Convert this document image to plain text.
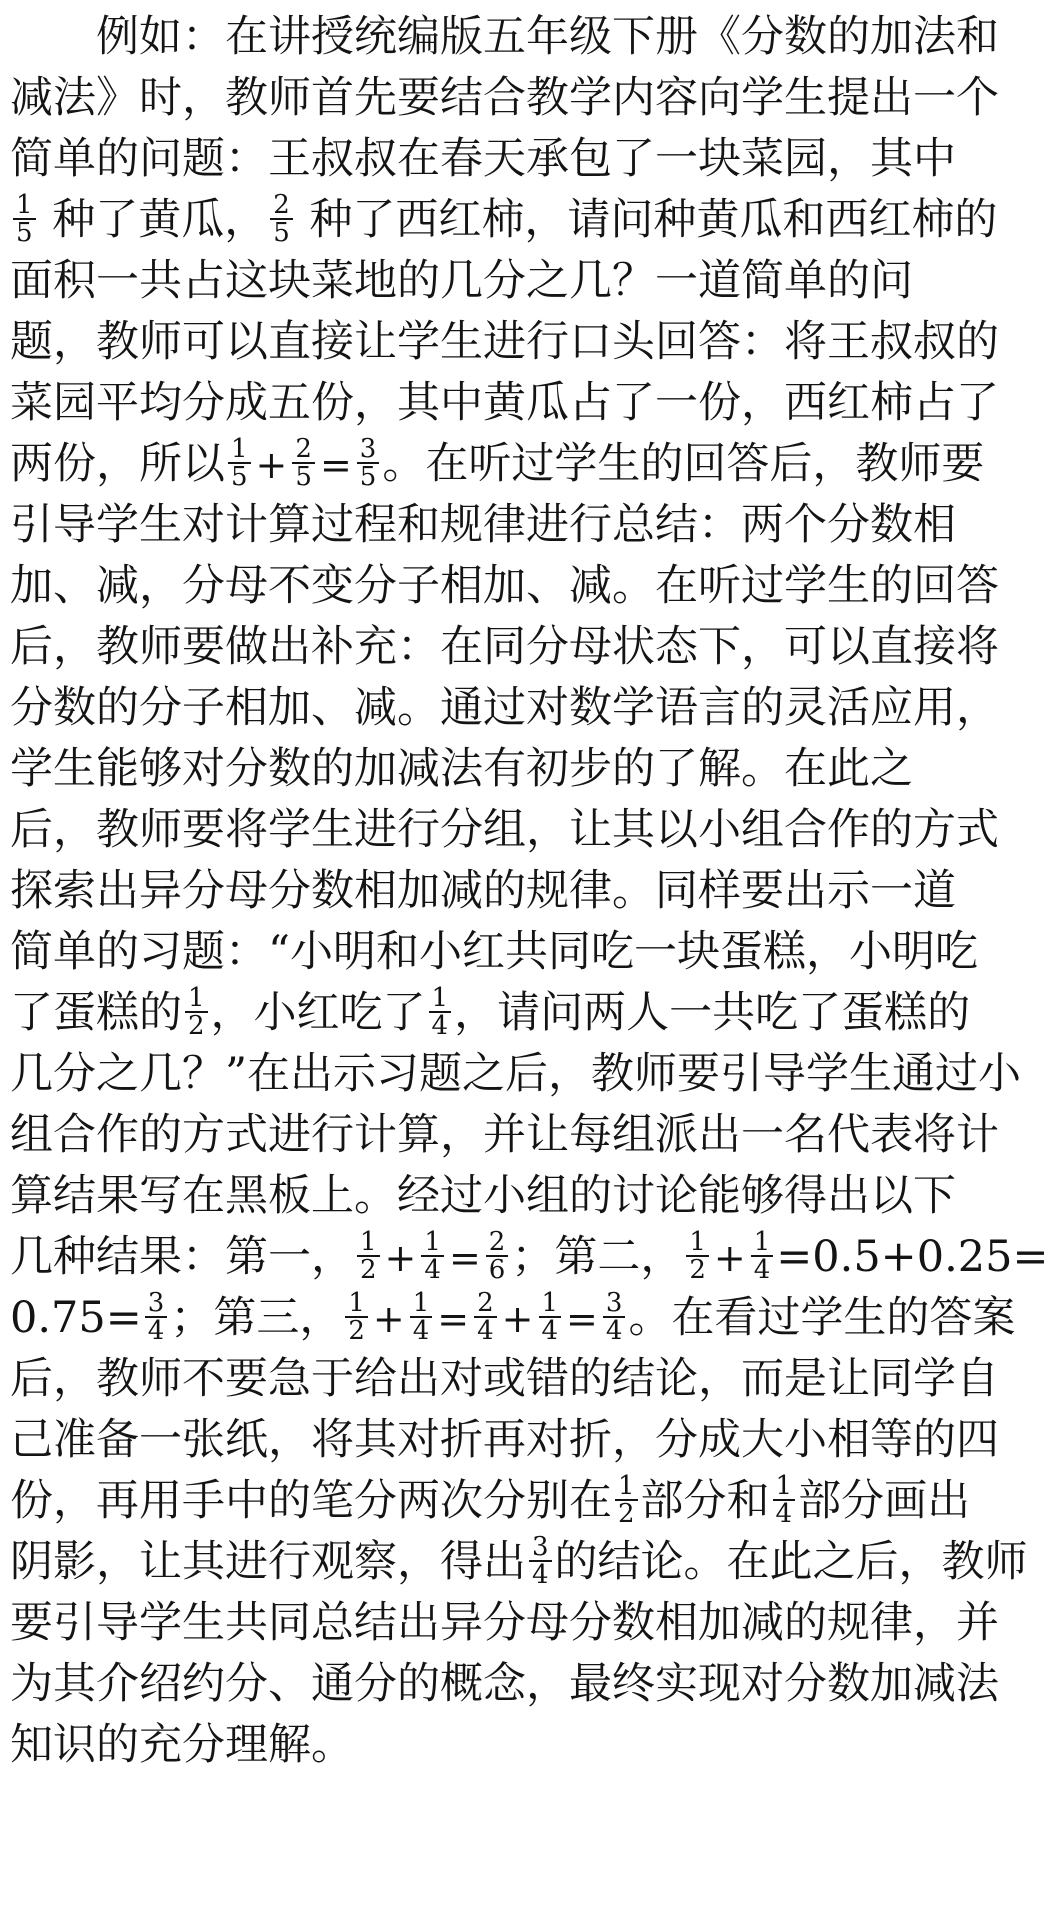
例如：在讲授统编版五年级下册《分数的加法和
减法》时，教师首先要结合教学内容向学生提出一个
简单的问题：王叔叔在春天承包了一块菜园，其中
$\frac{1}{5}$ 种了黄瓜， $\frac{2}{5}$ 种了西红柿，请问种黄瓜和西红柿的
面积一共占这块菜地的几分之几？一道简单的问
题，教师可以直接让学生进行口头回答：将王叔叔的
菜园平均分成五份，其中黄瓜占了一份，西红柿占了
两份，所以 $\frac{1}{5} + \frac{2}{5} = \frac{3}{5}$ 。在听过学生的回答后，教师要
引导学生对计算过程和规律进行总结：两个分数相
加、减，分母不变分子相加、减。在听过学生的回答
后，教师要做出补充：在同分母状态下，可以直接将
分数的分子相加、减。通过对数学语言的灵活应用，
学生能够对分数的加减法有初步的了解。在此之
后，教师要将学生进行分组，让其以小组合作的方式
探索出异分母分数相加减的规律。同样要出示一道
简单的习题：“小明和小红共同吃一块蛋糕，小明吃
了蛋糕的 $\frac{1}{2}$ ，小红吃了 $\frac{1}{4}$ ，请问两人一共吃了蛋糕的
几分之几？”在出示习题之后，教师要引导学生通过小
组合作的方式进行计算，并让每组派出一名代表将计
算结果写在黑板上。经过小组的讨论能够得出以下
几种结果：第一， $\frac{1}{2} + \frac{1}{4} = \frac{2}{6}$ ；第二， $\frac{1}{2} + \frac{1}{4} =0.5+0.25=$
$0.75= \frac{3}{4}$ ；第三， $\frac{1}{2} + \frac{1}{4} = \frac{2}{4} + \frac{1}{4} = \frac{3}{4}$ 。在看过学生的答案
后，教师不要急于给出对或错的结论，而是让同学自
己准备一张纸，将其对折再对折，分成大小相等的四
份，再用手中的笔分两次分别在 $\frac{1}{2}$ 部分和 $\frac{1}{4}$ 部分画出
阴影，让其进行观察，得出 $\frac{3}{4}$ 的结论。在此之后，教师
要引导学生共同总结出异分母分数相加减的规律，并
为其介绍约分、通分的概念，最终实现对分数加减法
知识的充分理解。
